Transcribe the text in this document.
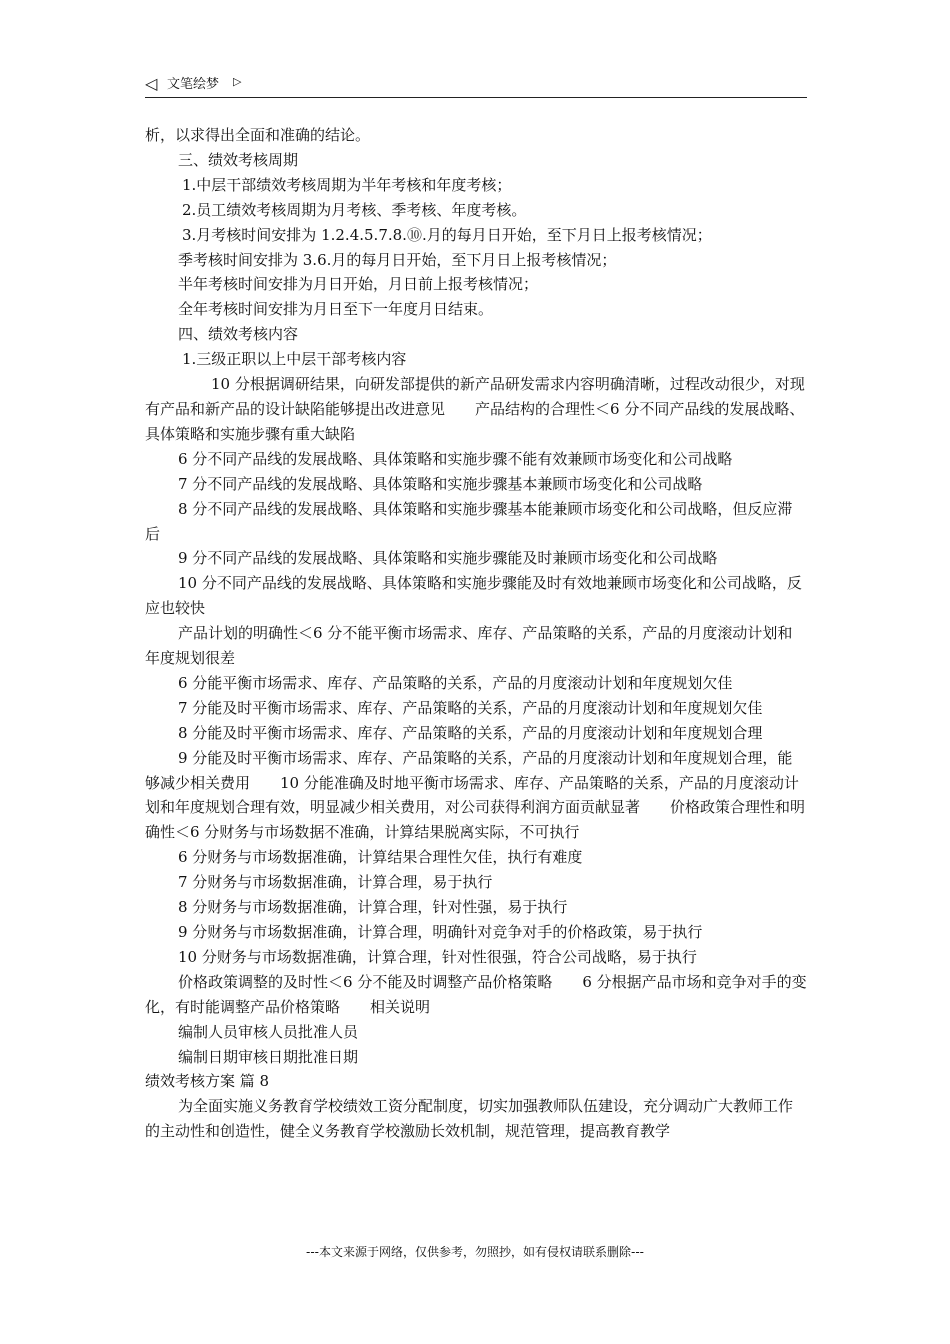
◁ 文笔绘梦 ▷

析，以求得出全面和准确的结论。

三、绩效考核周期

1.中层干部绩效考核周期为半年考核和年度考核；

2.员工绩效考核周期为月考核、季考核、年度考核。

3.月考核时间安排为 1.2.4.5.7.8.⑩.月的每月日开始，至下月日上报考核情况；

季考核时间安排为 3.6.月的每月日开始，至下月日上报考核情况；

半年考核时间安排为月日开始，月日前上报考核情况；

全年考核时间安排为月日至下一年度月日结束。

四、绩效考核内容

1.三级正职以上中层干部考核内容

10 分根据调研结果，向研发部提供的新产品研发需求内容明确清晰，过程改动很少，对现有产品和新产品的设计缺陷能够提出改进意见　　产品结构的合理性＜6 分不同产品线的发展战略、具体策略和实施步骤有重大缺陷

6 分不同产品线的发展战略、具体策略和实施步骤不能有效兼顾市场变化和公司战略

7 分不同产品线的发展战略、具体策略和实施步骤基本兼顾市场变化和公司战略

8 分不同产品线的发展战略、具体策略和实施步骤基本能兼顾市场变化和公司战略，但反应滞后

9 分不同产品线的发展战略、具体策略和实施步骤能及时兼顾市场变化和公司战略

10 分不同产品线的发展战略、具体策略和实施步骤能及时有效地兼顾市场变化和公司战略，反应也较快

产品计划的明确性＜6 分不能平衡市场需求、库存、产品策略的关系，产品的月度滚动计划和年度规划很差

6 分能平衡市场需求、库存、产品策略的关系，产品的月度滚动计划和年度规划欠佳

7 分能及时平衡市场需求、库存、产品策略的关系，产品的月度滚动计划和年度规划欠佳

8 分能及时平衡市场需求、库存、产品策略的关系，产品的月度滚动计划和年度规划合理

9 分能及时平衡市场需求、库存、产品策略的关系，产品的月度滚动计划和年度规划合理，能够减少相关费用　　10 分能准确及时地平衡市场需求、库存、产品策略的关系，产品的月度滚动计划和年度规划合理有效，明显减少相关费用，对公司获得利润方面贡献显著　　价格政策合理性和明确性＜6 分财务与市场数据不准确，计算结果脱离实际，不可执行

6 分财务与市场数据准确，计算结果合理性欠佳，执行有难度

7 分财务与市场数据准确，计算合理，易于执行

8 分财务与市场数据准确，计算合理，针对性强，易于执行

9 分财务与市场数据准确，计算合理，明确针对竞争对手的价格政策，易于执行

10 分财务与市场数据准确，计算合理，针对性很强，符合公司战略，易于执行

价格政策调整的及时性＜6 分不能及时调整产品价格策略　　6 分根据产品市场和竞争对手的变化，有时能调整产品价格策略　　相关说明

编制人员审核人员批准人员

编制日期审核日期批准日期

绩效考核方案 篇 8

为全面实施义务教育学校绩效工资分配制度，切实加强教师队伍建设，充分调动广大教师工作的主动性和创造性，健全义务教育学校激励长效机制，规范管理，提高教育教学

---本文来源于网络，仅供参考，勿照抄，如有侵权请联系删除---
